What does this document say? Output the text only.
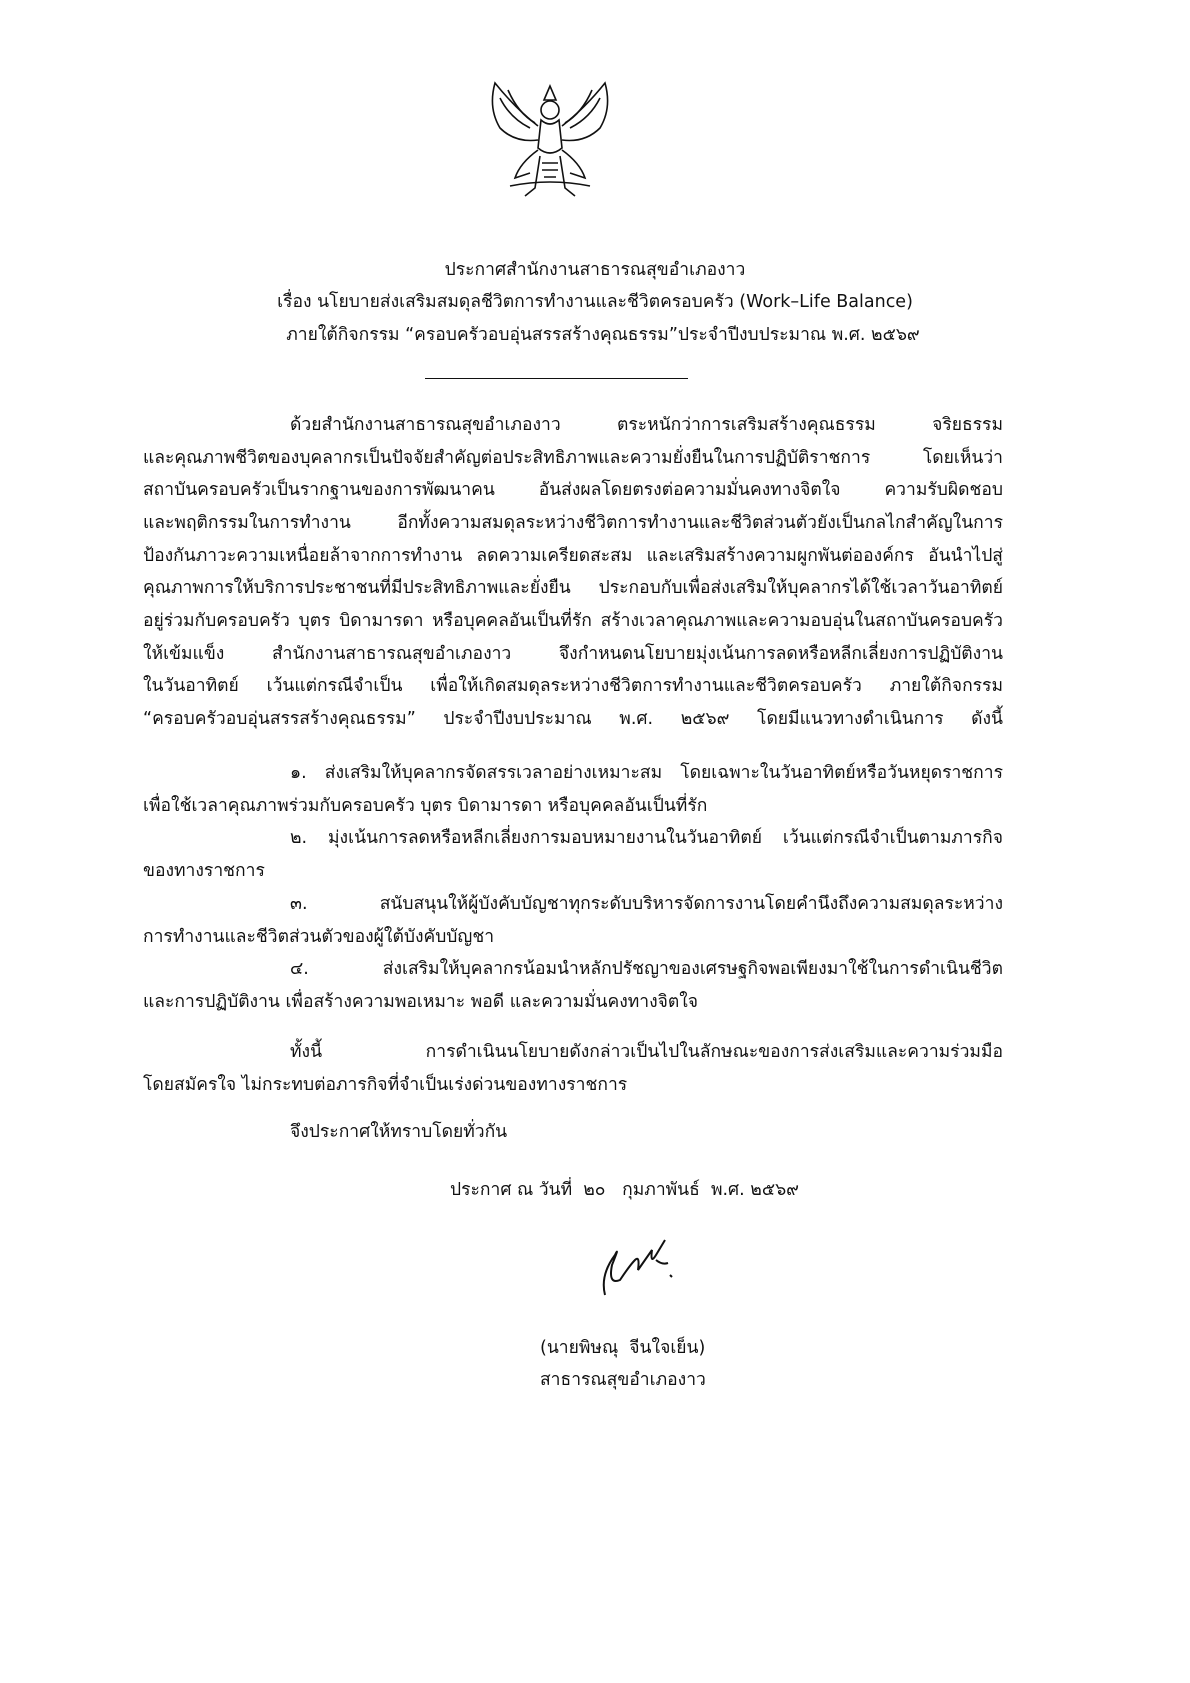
ประกาศสำนักงานสาธารณสุขอำเภองาว
เรื่อง นโยบายส่งเสริมสมดุลชีวิตการทำงานและชีวิตครอบครัว (Work–Life Balance)
ภายใต้กิจกรรม “ครอบครัวอบอุ่นสรรสร้างคุณธรรม”ประจำปีงบประมาณ พ.ศ. ๒๕๖๙
ด้วยสำนักงานสาธารณสุขอำเภองาว ตระหนักว่าการเสริมสร้างคุณธรรม จริยธรรม
และคุณภาพชีวิตของบุคลากรเป็นปัจจัยสำคัญต่อประสิทธิภาพและความยั่งยืนในการปฏิบัติราชการ โดยเห็นว่า
สถาบันครอบครัวเป็นรากฐานของการพัฒนาคน อันส่งผลโดยตรงต่อความมั่นคงทางจิตใจ ความรับผิดชอบ
และพฤติกรรมในการทำงาน อีกทั้งความสมดุลระหว่างชีวิตการทำงานและชีวิตส่วนตัวยังเป็นกลไกสำคัญในการ
ป้องกันภาวะความเหนื่อยล้าจากการทำงาน ลดความเครียดสะสม และเสริมสร้างความผูกพันต่อองค์กร อันนำไปสู่
คุณภาพการให้บริการประชาชนที่มีประสิทธิภาพและยั่งยืน ประกอบกับเพื่อส่งเสริมให้บุคลากรได้ใช้เวลาวันอาทิตย์
อยู่ร่วมกับครอบครัว บุตร บิดามารดา หรือบุคคลอันเป็นที่รัก สร้างเวลาคุณภาพและความอบอุ่นในสถาบันครอบครัว
ให้เข้มแข็ง สำนักงานสาธารณสุขอำเภองาว จึงกำหนดนโยบายมุ่งเน้นการลดหรือหลีกเลี่ยงการปฏิบัติงาน
ในวันอาทิตย์ เว้นแต่กรณีจำเป็น เพื่อให้เกิดสมดุลระหว่างชีวิตการทำงานและชีวิตครอบครัว ภายใต้กิจกรรม
“ครอบครัวอบอุ่นสรรสร้างคุณธรรม” ประจำปีงบประมาณ พ.ศ. ๒๕๖๙ โดยมีแนวทางดำเนินการ ดังนี้
๑. ส่งเสริมให้บุคลากรจัดสรรเวลาอย่างเหมาะสม โดยเฉพาะในวันอาทิตย์หรือวันหยุดราชการ
เพื่อใช้เวลาคุณภาพร่วมกับครอบครัว บุตร บิดามารดา หรือบุคคลอันเป็นที่รัก
๒. มุ่งเน้นการลดหรือหลีกเลี่ยงการมอบหมายงานในวันอาทิตย์ เว้นแต่กรณีจำเป็นตามภารกิจ
ของทางราชการ
๓. สนับสนุนให้ผู้บังคับบัญชาทุกระดับบริหารจัดการงานโดยคำนึงถึงความสมดุลระหว่าง
การทำงานและชีวิตส่วนตัวของผู้ใต้บังคับบัญชา
๔. ส่งเสริมให้บุคลากรน้อมนำหลักปรัชญาของเศรษฐกิจพอเพียงมาใช้ในการดำเนินชีวิต
และการปฏิบัติงาน เพื่อสร้างความพอเหมาะ พอดี และความมั่นคงทางจิตใจ
ทั้งนี้ การดำเนินนโยบายดังกล่าวเป็นไปในลักษณะของการส่งเสริมและความร่วมมือ
โดยสมัครใจ ไม่กระทบต่อภารกิจที่จำเป็นเร่งด่วนของทางราชการ
จึงประกาศให้ทราบโดยทั่วกัน
ประกาศ ณ วันที่  ๒๐   กุมภาพันธ์  พ.ศ. ๒๕๖๙
(นายพิษณุ  จีนใจเย็น)
สาธารณสุขอำเภองาว
